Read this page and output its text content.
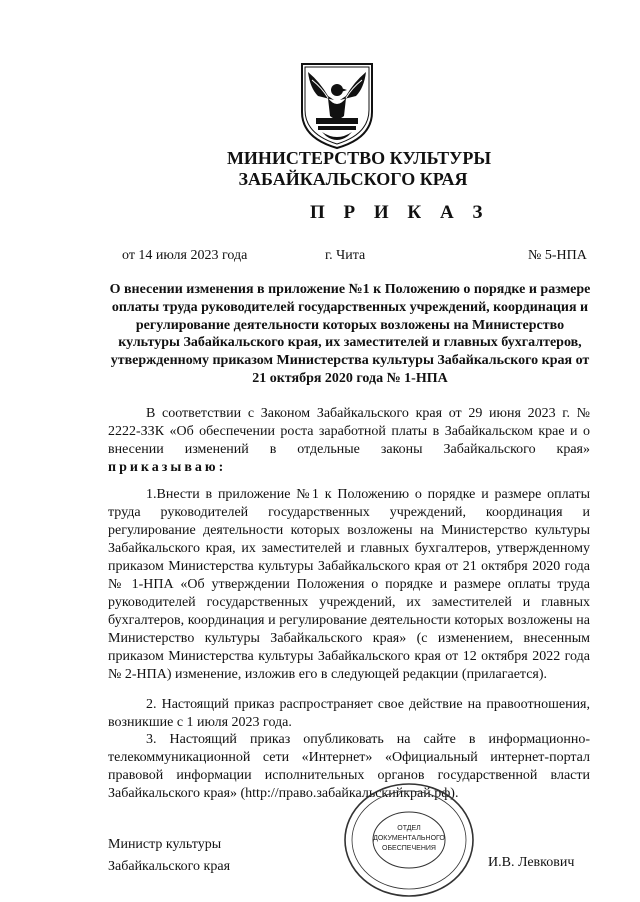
МИНИСТЕРСТВО КУЛЬТУРЫ
ЗАБАЙКАЛЬСКОГО КРАЯ
П Р И К А З
от 14 июля 2023 года	г. Чита	№ 5-НПА
О внесении изменения в приложение №1 к Положению о порядке и размере оплаты труда руководителей государственных учреждений, координация и регулирование деятельности которых возложены на Министерство культуры Забайкальского края, их заместителей и главных бухгалтеров, утвержденному приказом Министерства культуры Забайкальского края от 21 октября 2020 года № 1-НПА
В соответствии с Законом Забайкальского края от 29 июня 2023 г. № 2222-ЗЗК «Об обеспечении роста заработной платы в Забайкальском крае и о внесении изменений в отдельные законы Забайкальского края» приказываю:
1.Внести в приложение №1 к Положению о порядке и размере оплаты труда руководителей государственных учреждений, координация и регулирование деятельности которых возложены на Министерство культуры Забайкальского края, их заместителей и главных бухгалтеров, утвержденному приказом Министерства культуры Забайкальского края от 21 октября 2020 года № 1-НПА «Об утверждении Положения о порядке и размере оплаты труда руководителей государственных учреждений, их заместителей и главных бухгалтеров, координация и регулирование деятельности которых возложены на Министерство культуры Забайкальского края» (с изменением, внесенным приказом Министерства культуры Забайкальского края от 12 октября 2022 года № 2-НПА) изменение, изложив его в следующей редакции (прилагается).
2. Настоящий приказ распространяет свое действие на правоотношения, возникшие с 1 июля 2023 года.
3. Настоящий приказ опубликовать на сайте в информационно-телекоммуникационной сети «Интернет» «Официальный интернет-портал правовой информации исполнительных органов государственной власти Забайкальского края» (http://право.забайкальскийкрай.рф).
ОТДЕЛ
ДОКУМЕНТАЛЬНОГО
ОБЕСПЕЧЕНИЯ
Министр культуры
Забайкальского края	И.В. Левкович
